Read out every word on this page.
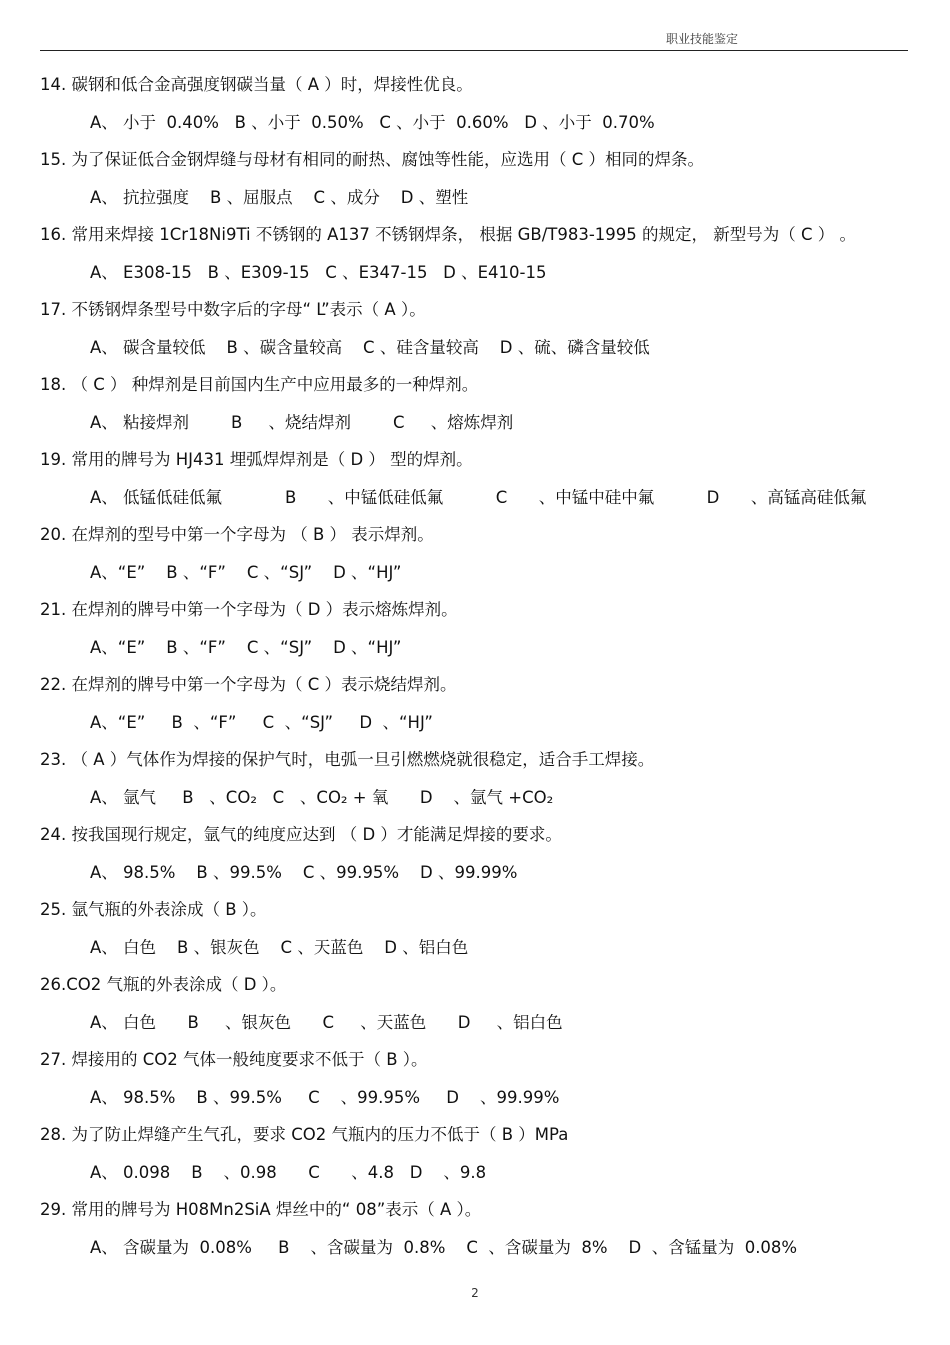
职业技能鉴定
14. 碳钢和低合金高强度钢碳当量（ A ）时，焊接性优良。
A、 小于  0.40%   B 、小于  0.50%   C 、小于  0.60%   D 、小于  0.70%
15. 为了保证低合金钢焊缝与母材有相同的耐热、腐蚀等性能，应选用（ C ）相同的焊条。
A、 抗拉强度    B 、屈服点    C 、成分    D 、塑性
16. 常用来焊接 1Cr18Ni9Ti 不锈钢的 A137 不锈钢焊条， 根据 GB/T983-1995 的规定， 新型号为（ C ） 。
A、 E308-15   B 、E309-15   C 、E347-15   D 、E410-15
17. 不锈钢焊条型号中数字后的字母“ L”表示（ A ）。
A、 碳含量较低    B 、碳含量较高    C 、硅含量较高    D 、硫、磷含量较低
18. （ C ） 种焊剂是目前国内生产中应用最多的一种焊剂。
A、 粘接焊剂        B     、烧结焊剂        C     、熔炼焊剂
19. 常用的牌号为 HJ431 埋弧焊焊剂是（ D ） 型的焊剂。
A、 低锰低硅低氟            B      、中锰低硅低氟          C      、中锰中硅中氟          D      、高锰高硅低氟
20. 在焊剂的型号中第一个字母为 （ B ） 表示焊剂。
A、“E”    B 、“F”    C 、“SJ”    D 、“HJ”
21. 在焊剂的牌号中第一个字母为（ D ）表示熔炼焊剂。
A、“E”    B 、“F”    C 、“SJ”    D 、“HJ”
22. 在焊剂的牌号中第一个字母为（ C ）表示烧结焊剂。
A、“E”     B  、“F”     C  、“SJ”     D  、“HJ”
23. （ A ）气体作为焊接的保护气时，电弧一旦引燃燃烧就很稳定，适合手工焊接。
A、 氩气     B   、CO₂   C   、CO₂ + 氧      D    、氩气 +CO₂
24. 按我国现行规定，氩气的纯度应达到 （ D ）才能满足焊接的要求。
A、 98.5%    B 、99.5%    C 、99.95%    D 、99.99%
25. 氩气瓶的外表涂成（ B ）。
A、 白色    B 、银灰色    C 、天蓝色    D 、铝白色
26.CO2 气瓶的外表涂成（ D ）。
A、 白色      B     、银灰色      C     、天蓝色      D     、铝白色
27. 焊接用的 CO2 气体一般纯度要求不低于（ B ）。
A、 98.5%    B 、99.5%     C    、99.95%     D    、99.99%
28. 为了防止焊缝产生气孔，要求 CO2 气瓶内的压力不低于（ B ）MPa
A、 0.098    B    、0.98      C      、4.8   D    、9.8
29. 常用的牌号为 H08Mn2SiA 焊丝中的“ 08”表示（ A ）。
A、 含碳量为  0.08%     B    、含碳量为  0.8%    C  、含碳量为  8%    D  、含锰量为  0.08%
2
